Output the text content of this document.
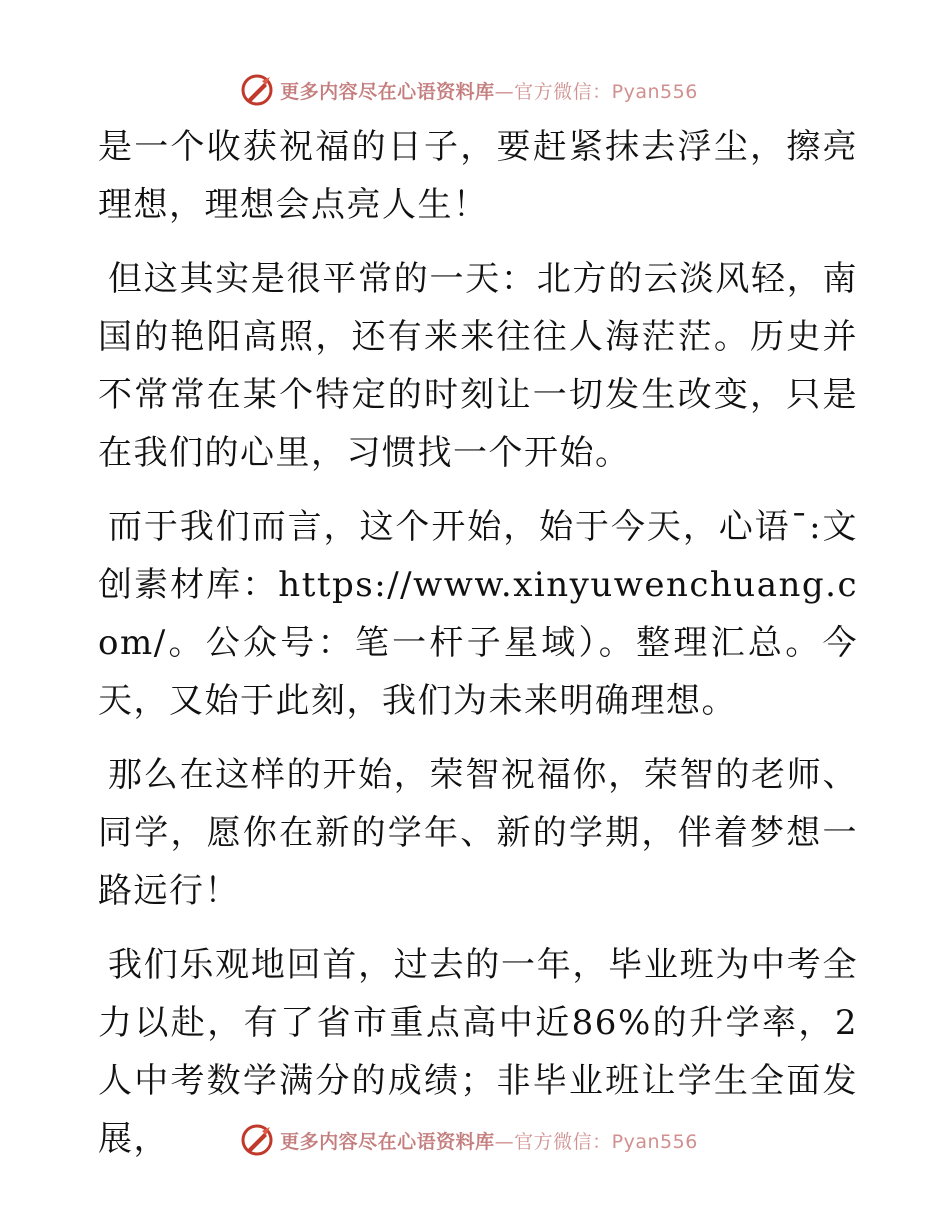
更多内容尽在心语资料库—官方微信：Pyan556

是一个收获祝福的日子，要赶紧抹去浮尘，擦亮理想，理想会点亮人生！

但这其实是很平常的一天：北方的云淡风轻，南国的艳阳高照，还有来来往往人海茫茫。历史并不常常在某个特定的时刻让一切发生改变，只是在我们的心里，习惯找一个开始。

而于我们而言，这个开始，始于今天，心语¯:文创素材库：https://www.xinyuwenchuang.com/。公众号：笔一杆子星域）。整理汇总。今天，又始于此刻，我们为未来明确理想。

那么在这样的开始，荣智祝福你，荣智的老师、同学，愿你在新的学年、新的学期，伴着梦想一路远行！

我们乐观地回首，过去的一年，毕业班为中考全力以赴，有了省市重点高中近86%的升学率，2人中考数学满分的成绩；非毕业班让学生全面发展，	更多内容尽在心语资料库—官方微信：Pyan556
